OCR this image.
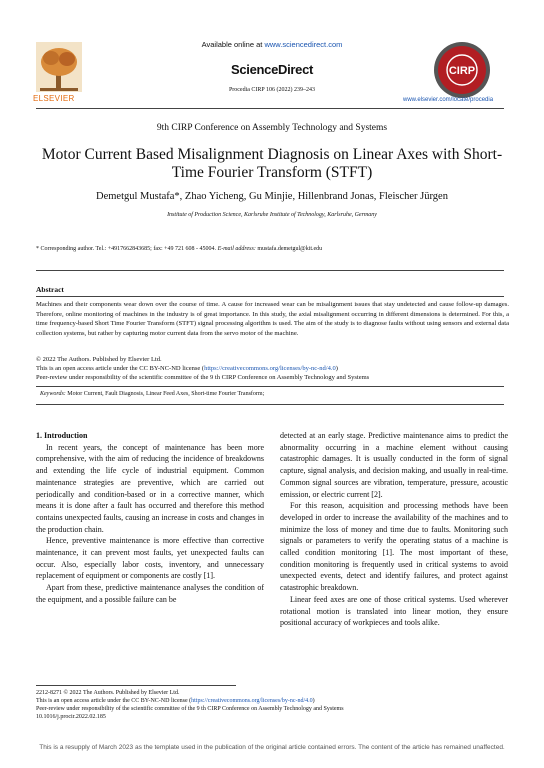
Available online at www.sciencedirect.com
ELSEVIER
ScienceDirect
Procedia CIRP 106 (2022) 239–243
CIRP
www.elsevier.com/locate/procedia
9th CIRP Conference on Assembly Technology and Systems
Motor Current Based Misalignment Diagnosis on Linear Axes with Short-Time Fourier Transform (STFT)
Demetgul Mustafa*, Zhao Yicheng, Gu Minjie, Hillenbrand Jonas, Fleischer Jürgen
Institute of Production Science, Karlsruhe Institute of Technology, Karlsruhe, Germany
* Corresponding author. Tel.: +4917662843685; fax: +49 721 608 - 45004. E-mail address: mustafa.demetgul@kit.edu
Abstract
Machines and their components wear down over the course of time. A cause for increased wear can be misalignment issues that stay undetected and cause follow-up damages. Therefore, online monitoring of machines in the industry is of great importance. In this study, the axial misalignment occurring in different dimensions is determined. For this, a time frequency-based Short Time Fourier Transform (STFT) signal processing algorithm is used. The aim of the study is to diagnose faults without using sensors and external data collection systems, but rather by capturing motor current data from the servo motor of the machine.
© 2022 The Authors. Published by Elsevier Ltd.
This is an open access article under the CC BY-NC-ND license (https://creativecommons.org/licenses/by-nc-nd/4.0)
Peer-review under responsibility of the scientific committee of the 9 th CIRP Conference on Assembly Technology and Systems
Keywords: Motor Current, Fault Diagnosis, Linear Feed Axes, Short-time Fourier Transform;

1. Introduction

In recent years, the concept of maintenance has been more comprehensive, with the aim of reducing the incidence of breakdowns and extending the life cycle of industrial equipment. Common maintenance strategies are preventive, which are carried out periodically and condition-based or in a corrective manner, which means it is done after a fault has occurred and therefore this method contains unexpected faults, causing an increase in costs and changes in the production chain.

Hence, preventive maintenance is more effective than corrective maintenance, it can prevent most faults, yet unexpected faults can occur. Also, especially labor costs, inventory, and unnecessary replacement of equipment or components are costly [1].

Apart from these, predictive maintenance analyses the condition of the equipment, and a possible failure can be

detected at an early stage. Predictive maintenance aims to predict the abnormality occurring in a machine element without causing catastrophic damages. It is usually conducted in the form of signal capture, signal analysis, and decision making, and usually in real-time. Common signal sources are vibration, temperature, pressure, acoustic emission, or electric current [2].

For this reason, acquisition and processing methods have been developed in order to increase the availability of the machines and to minimize the loss of money and time due to faults. Monitoring such signals or parameters to verify the operating status of a machine is called condition monitoring [1]. The most important of these, condition monitoring is frequently used in critical systems to avoid unexpected events, detect and identify failures, and protect against catastrophic breakdown.

Linear feed axes are one of those critical systems. Used wherever rotational motion is translated into linear motion, they ensure positional accuracy of workpieces and tools alike.

2212-8271 © 2022 The Authors. Published by Elsevier Ltd.
This is an open access article under the CC BY-NC-ND license (https://creativecommons.org/licenses/by-nc-nd/4.0)
Peer-review under responsibility of the scientific committee of the 9 th CIRP Conference on Assembly Technology and Systems
10.1016/j.procir.2022.02.185
This is a resupply of March 2023 as the template used in the publication of the original article contained errors. The content of the article has remained unaffected.
